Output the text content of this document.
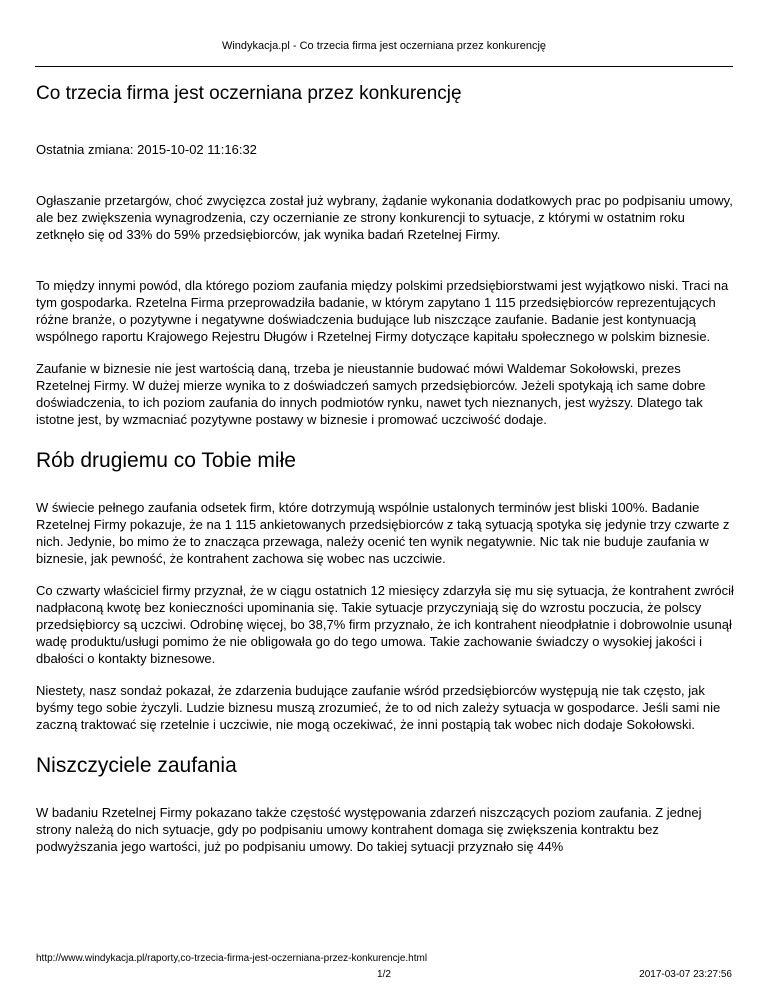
Windykacja.pl - Co trzecia firma jest oczerniana przez konkurencję
Co trzecia firma jest oczerniana przez konkurencję
Ostatnia zmiana: 2015-10-02 11:16:32

Ogłaszanie przetargów, choć zwycięzca został już wybrany, żądanie wykonania dodatkowych prac po podpisaniu umowy, ale bez zwiększenia wynagrodzenia, czy oczernianie ze strony konkurencji to sytuacje, z którymi w ostatnim roku zetknęło się od 33% do 59% przedsiębiorców, jak wynika badań Rzetelnej Firmy.

To między innymi powód, dla którego poziom zaufania między polskimi przedsiębiorstwami jest wyjątkowo niski. Traci na tym gospodarka. Rzetelna Firma przeprowadziła badanie, w którym zapytano 1 115 przedsiębiorców reprezentujących różne branże, o pozytywne i negatywne doświadczenia budujące lub niszczące zaufanie. Badanie jest kontynuacją wspólnego raportu Krajowego Rejestru Długów i Rzetelnej Firmy dotyczące kapitału społecznego w polskim biznesie.

Zaufanie w biznesie nie jest wartością daną, trzeba je nieustannie budować mówi Waldemar Sokołowski, prezes Rzetelnej Firmy. W dużej mierze wynika to z doświadczeń samych przedsiębiorców. Jeżeli spotykają ich same dobre doświadczenia, to ich poziom zaufania do innych podmiotów rynku, nawet tych nieznanych, jest wyższy. Dlatego tak istotne jest, by wzmacniać pozytywne postawy w biznesie i promować uczciwość dodaje.

Rób drugiemu co Tobie miłe

W świecie pełnego zaufania odsetek firm, które dotrzymują wspólnie ustalonych terminów jest bliski 100%. Badanie Rzetelnej Firmy pokazuje, że na 1 115 ankietowanych przedsiębiorców z taką sytuacją spotyka się jedynie trzy czwarte z nich. Jedynie, bo mimo że to znacząca przewaga, należy ocenić ten wynik negatywnie. Nic tak nie buduje zaufania w biznesie, jak pewność, że kontrahent zachowa się wobec nas uczciwie.

Co czwarty właściciel firmy przyznał, że w ciągu ostatnich 12 miesięcy zdarzyła się mu się sytuacja, że kontrahent zwrócił nadpłaconą kwotę bez konieczności upominania się. Takie sytuacje przyczyniają się do wzrostu poczucia, że polscy przedsiębiorcy są uczciwi. Odrobinę więcej, bo 38,7% firm przyznało, że ich kontrahent nieodpłatnie i dobrowolnie usunął wadę produktu/usługi pomimo że nie obligowała go do tego umowa. Takie zachowanie świadczy o wysokiej jakości i dbałości o kontakty biznesowe.

Niestety, nasz sondaż pokazał, że zdarzenia budujące zaufanie wśród przedsiębiorców występują nie tak często, jak byśmy tego sobie życzyli. Ludzie biznesu muszą zrozumieć, że to od nich zależy sytuacja w gospodarce. Jeśli sami nie zaczną traktować się rzetelnie i uczciwie, nie mogą oczekiwać, że inni postąpią tak wobec nich dodaje Sokołowski.

Niszczyciele zaufania

W badaniu Rzetelnej Firmy pokazano także częstość występowania zdarzeń niszczących poziom zaufania. Z jednej strony należą do nich sytuacje, gdy po podpisaniu umowy kontrahent domaga się zwiększenia kontraktu bez podwyższania jego wartości, już po podpisaniu umowy. Do takiej sytuacji przyznało się 44%

http://www.windykacja.pl/raporty,co-trzecia-firma-jest-oczerniana-przez-konkurencje.html
1/2	2017-03-07 23:27:56
